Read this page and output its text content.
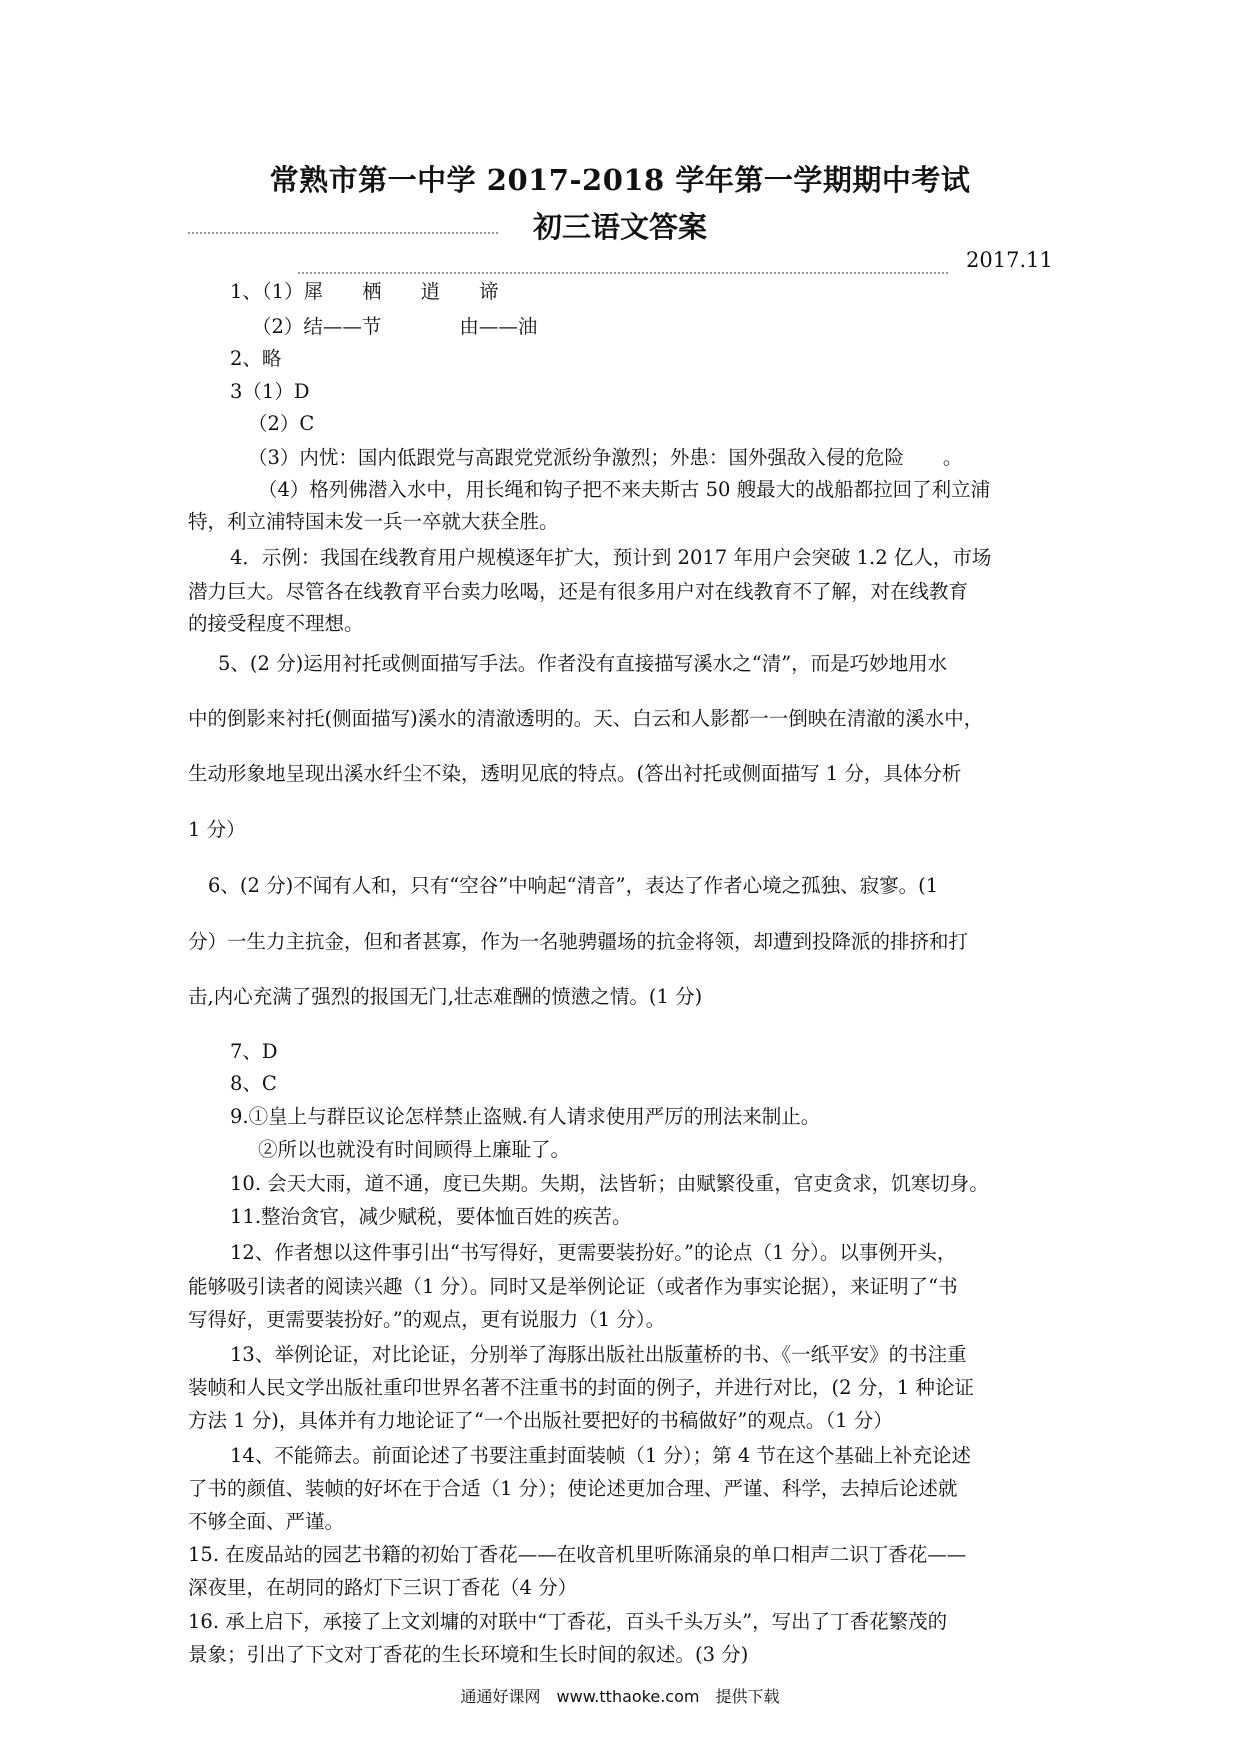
常熟市第一中学 2017-2018 学年第一学期期中考试
初三语文答案
2017.11
1、（1）犀　　栖　　逍　　谛
（2）结——节　　　　由——油
2、略
3（1）D
（2）C
（3）内忧：国内低跟党与高跟党党派纷争激烈；外患：国外强敌入侵的危险　　。
（4）格列佛潜入水中，用长绳和钩子把不来夫斯古 50 艘最大的战船都拉回了利立浦
特，利立浦特国未发一兵一卒就大获全胜。
4．示例：我国在线教育用户规模逐年扩大，预计到 2017 年用户会突破 1.2 亿人，市场
潜力巨大。尽管各在线教育平台卖力吆喝，还是有很多用户对在线教育不了解，对在线教育
的接受程度不理想。
5、(2 分)运用衬托或侧面描写手法。作者没有直接描写溪水之“清”，而是巧妙地用水
中的倒影来衬托(侧面描写)溪水的清澈透明的。天、白云和人影都一一倒映在清澈的溪水中，
生动形象地呈现出溪水纤尘不染，透明见底的特点。(答出衬托或侧面描写 1 分，具体分析
1 分）
6、(2 分)不闻有人和，只有“空谷”中响起“清音”，表达了作者心境之孤独、寂寥。(1
分）一生力主抗金，但和者甚寡，作为一名驰骋疆场的抗金将领，却遭到投降派的排挤和打
击,内心充满了强烈的报国无门,壮志难酬的愤懑之情。(1 分)
7、D
8、C
9.①皇上与群臣议论怎样禁止盗贼.有人请求使用严厉的刑法来制止。
②所以也就没有时间顾得上廉耻了。
10. 会天大雨，道不通，度已失期。失期，法皆斩；由赋繁役重，官吏贪求，饥寒切身。
11.整治贪官，减少赋税，要体恤百姓的疾苦。
12、作者想以这件事引出“书写得好，更需要装扮好。”的论点（1 分）。以事例开头，
能够吸引读者的阅读兴趣（1 分）。同时又是举例论证（或者作为事实论据），来证明了“书
写得好，更需要装扮好。”的观点，更有说服力（1 分）。
13、举例论证，对比论证，分别举了海豚出版社出版董桥的书、《一纸平安》的书注重
装帧和人民文学出版社重印世界名著不注重书的封面的例子，并进行对比，(2 分，1 种论证
方法 1 分)，具体并有力地论证了“一个出版社要把好的书稿做好”的观点。（1 分）
14、不能筛去。前面论述了书要注重封面装帧（1 分）；第 4 节在这个基础上补充论述
了书的颜值、装帧的好坏在于合适（1 分）；使论述更加合理、严谨、科学，去掉后论述就
不够全面、严谨。
15. 在废品站的园艺书籍的初始丁香花——在收音机里听陈涌泉的单口相声二识丁香花——
深夜里，在胡同的路灯下三识丁香花（4 分）
16. 承上启下，承接了上文刘墉的对联中“丁香花，百头千头万头”，写出了丁香花繁茂的
景象；引出了下文对丁香花的生长环境和生长时间的叙述。(3 分)
通通好课网　www.tthaoke.com　提供下载
